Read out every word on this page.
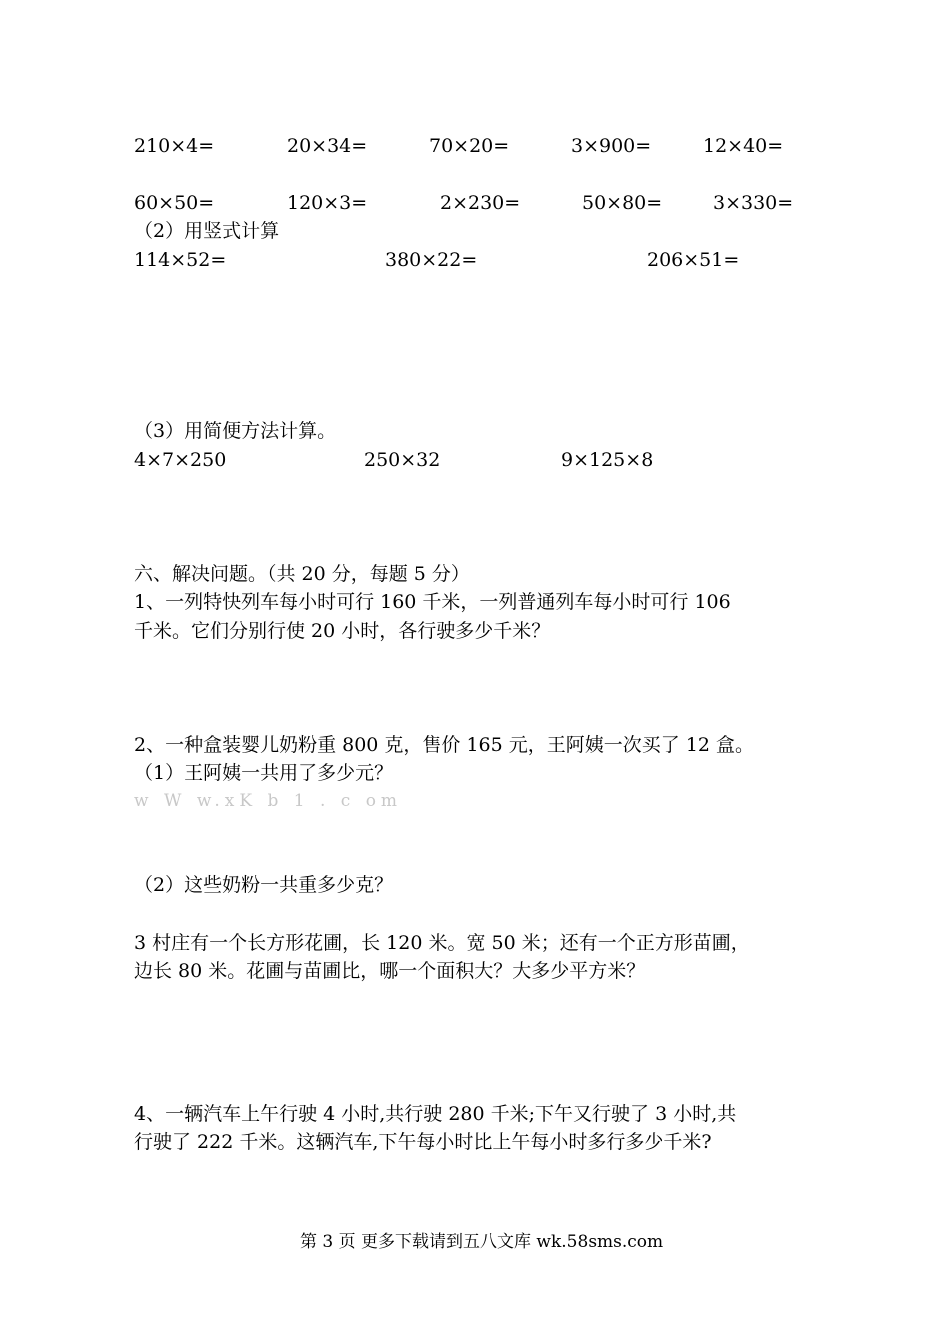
210×4=	20×34=	70×20=	3×900=	12×40=
60×50=	120×3=	2×230=	50×80=	3×330=
（2）用竖式计算
114×52=	380×22=	206×51=
（3）用简便方法计算。
4×7×250	250×32	9×125×8
六、解决问题。（共 20 分，每题 5 分）
1、一列特快列车每小时可行 160 千米，一列普通列车每小时可行 106
千米。它们分别行使 20 小时，各行驶多少千米？
2、一种盒装婴儿奶粉重 800 克，售价 165 元，王阿姨一次买了 12 盒。
（1）王阿姨一共用了多少元？
w W w.xK b 1 . c om
（2）这些奶粉一共重多少克？
3 村庄有一个长方形花圃，长 120 米。宽 50 米；还有一个正方形苗圃，
边长 80 米。花圃与苗圃比，哪一个面积大？大多少平方米？
4、一辆汽车上午行驶 4 小时,共行驶 280 千米;下午又行驶了 3 小时,共
行驶了 222 千米。这辆汽车,下午每小时比上午每小时多行多少千米?
第 3 页 更多下载请到五八文库 wk.58sms.com
